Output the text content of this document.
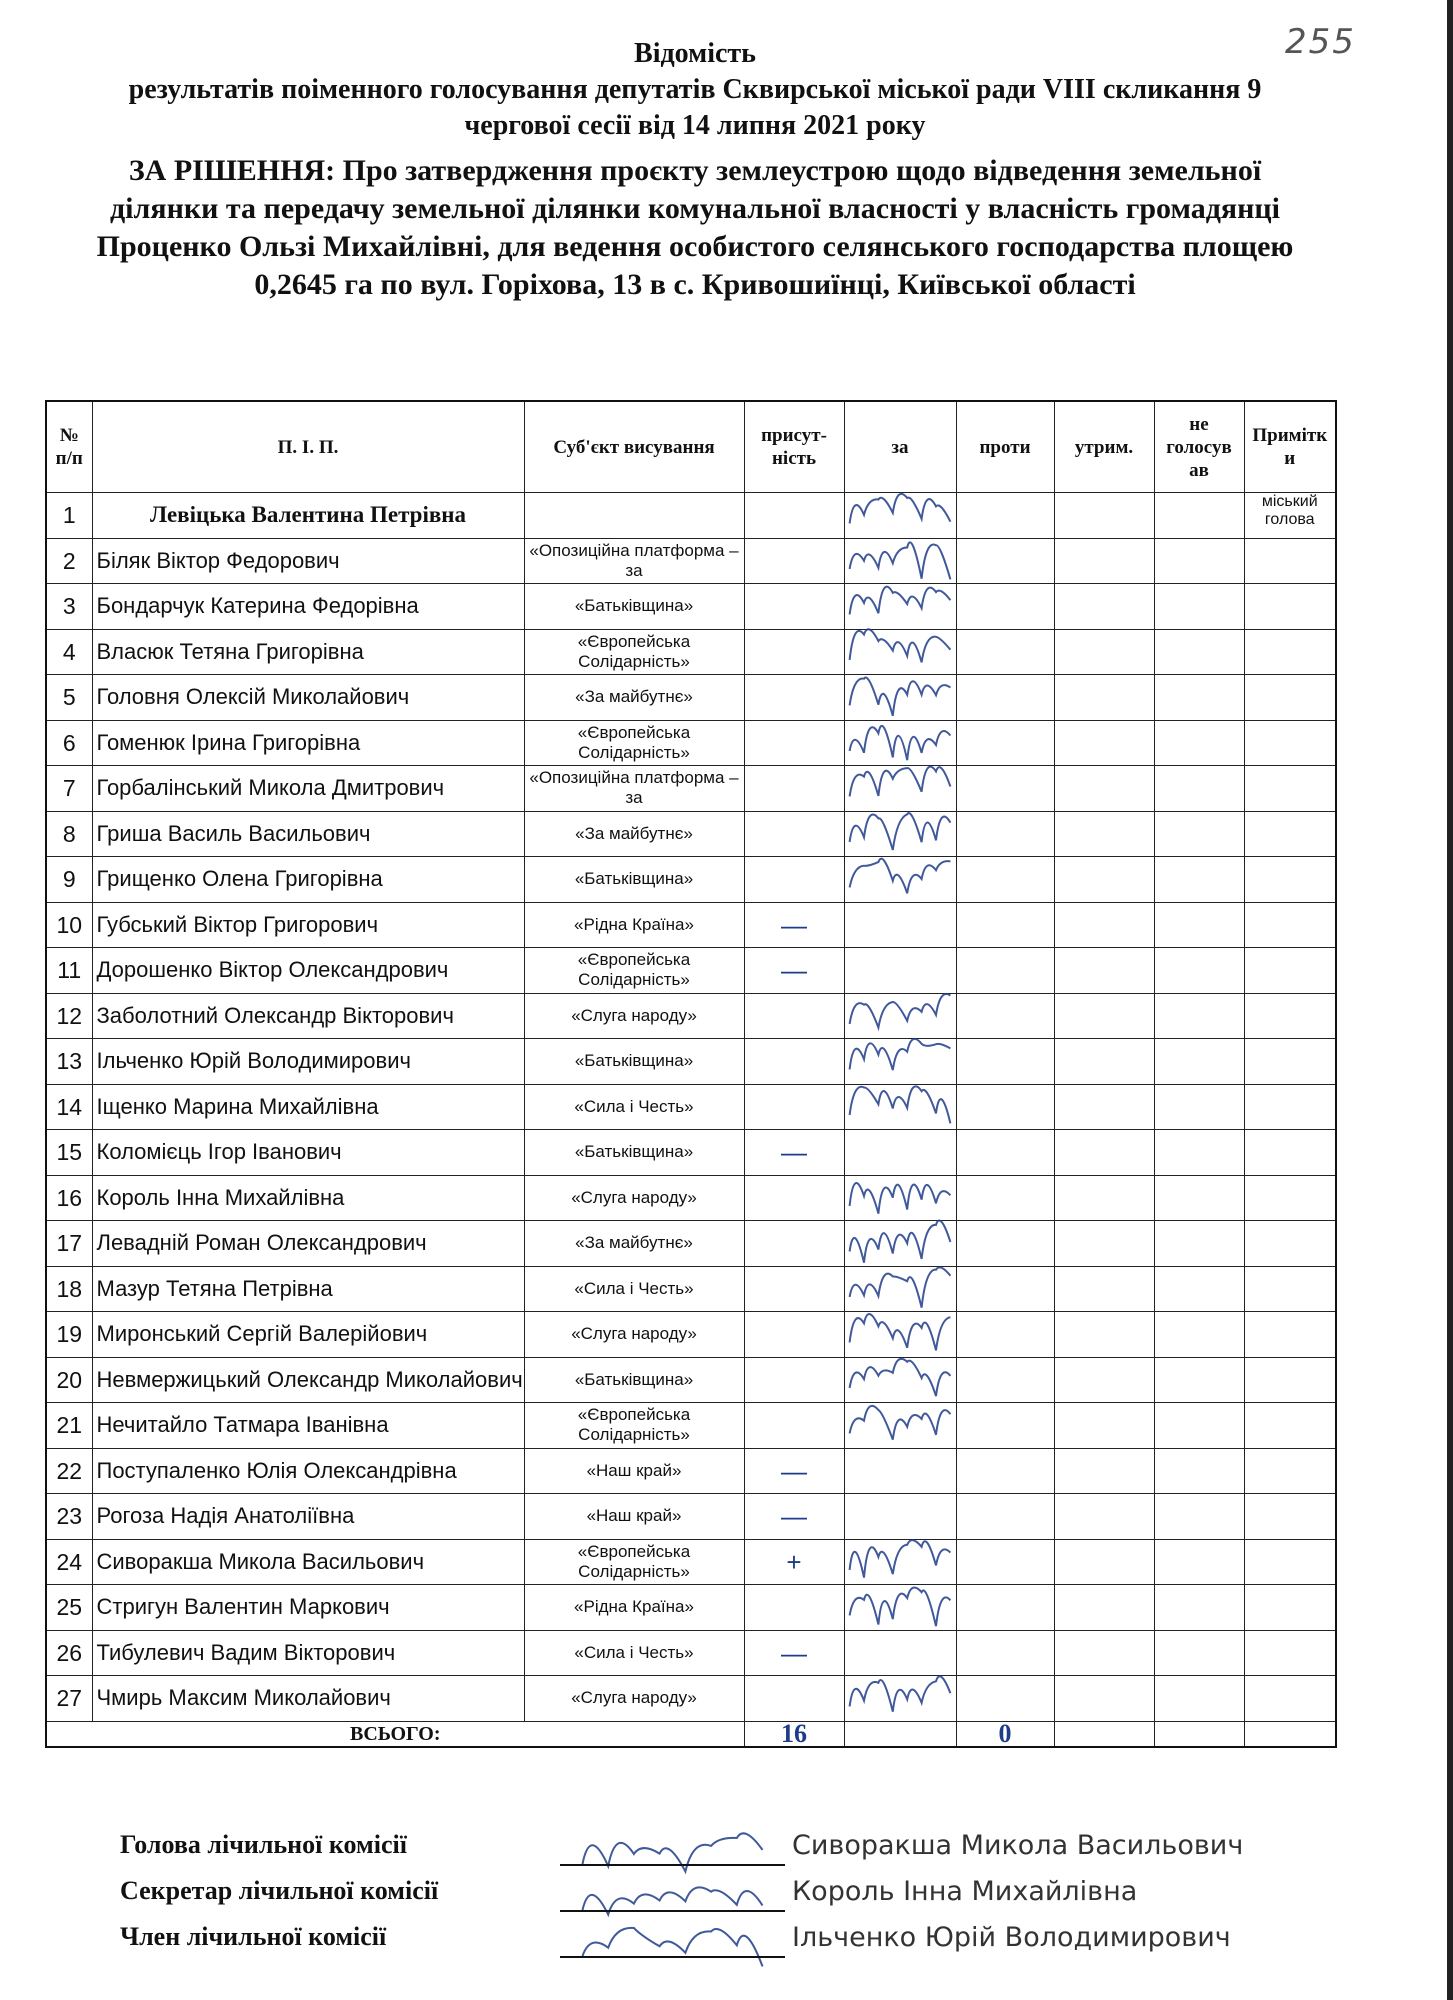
255
Відомість
результатів поіменного голосування депутатів Сквирської міської ради VIII скликання 9
чергової сесії від 14 липня 2021 року
ЗА РІШЕННЯ: Про затвердження проєкту землеустрою щодо відведення земельної
ділянки та передачу земельної ділянки комунальної власності у власність громадянці
Проценко Ользі Михайлівні, для ведення особистого селянського господарства площею
0,2645 га по вул. Горіхова, 13 в с. Кривошиїнці, Київської області
№ п/п	П. І. П.	Суб'єкт висування	присут-ність	за	проти	утрим.	не голосув ав	Примітк и
1	Левіцька Валентина Петрівна							міський голова
2	Біляк Віктор Федорович	«Опозиційна платформа – за						
3	Бондарчук Катерина Федорівна	«Батьківщина»						
4	Власюк Тетяна Григорівна	«Європейська Солідарність»						
5	Головня Олексій Миколайович	«За майбутнє»						
6	Гоменюк Ірина Григорівна	«Європейська Солідарність»						
7	Горбалінський Микола Дмитрович	«Опозиційна платформа – за						
8	Гриша Василь Васильович	«За майбутнє»						
9	Грищенко Олена Григорівна	«Батьківщина»						
10	Губський Віктор Григорович	«Рідна Країна»	—					
11	Дорошенко Віктор Олександрович	«Європейська Солідарність»	—					
12	Заболотний Олександр Вікторович	«Слуга народу»						
13	Ільченко Юрій Володимирович	«Батьківщина»						
14	Іщенко Марина Михайлівна	«Сила і Честь»						
15	Коломієць Ігор Іванович	«Батьківщина»	—					
16	Король Інна Михайлівна	«Слуга народу»						
17	Левадній Роман Олександрович	«За майбутнє»						
18	Мазур Тетяна Петрівна	«Сила і Честь»						
19	Миронський Сергій Валерійович	«Слуга народу»						
20	Невмержицький Олександр Миколайович	«Батьківщина»						
21	Нечитайло Татмара Іванівна	«Європейська Солідарність»						
22	Поступаленко Юлія Олександрівна	«Наш край»	—					
23	Рогоза Надія Анатоліївна	«Наш край»	—					
24	Сиворакша Микола Васильович	«Європейська Солідарність»	+					
25	Стригун Валентин Маркович	«Рідна Країна»						
26	Тибулевич Вадим Вікторович	«Сила і Честь»	—					
27	Чмирь Максим Миколайович	«Слуга народу»						
ВСЬОГО:			16		0			
Голова лічильної комісії	Сиворакша Микола Васильович
Секретар лічильної комісії	Король Інна Михайлівна
Член лічильної комісії	Ільченко Юрій Володимирович
